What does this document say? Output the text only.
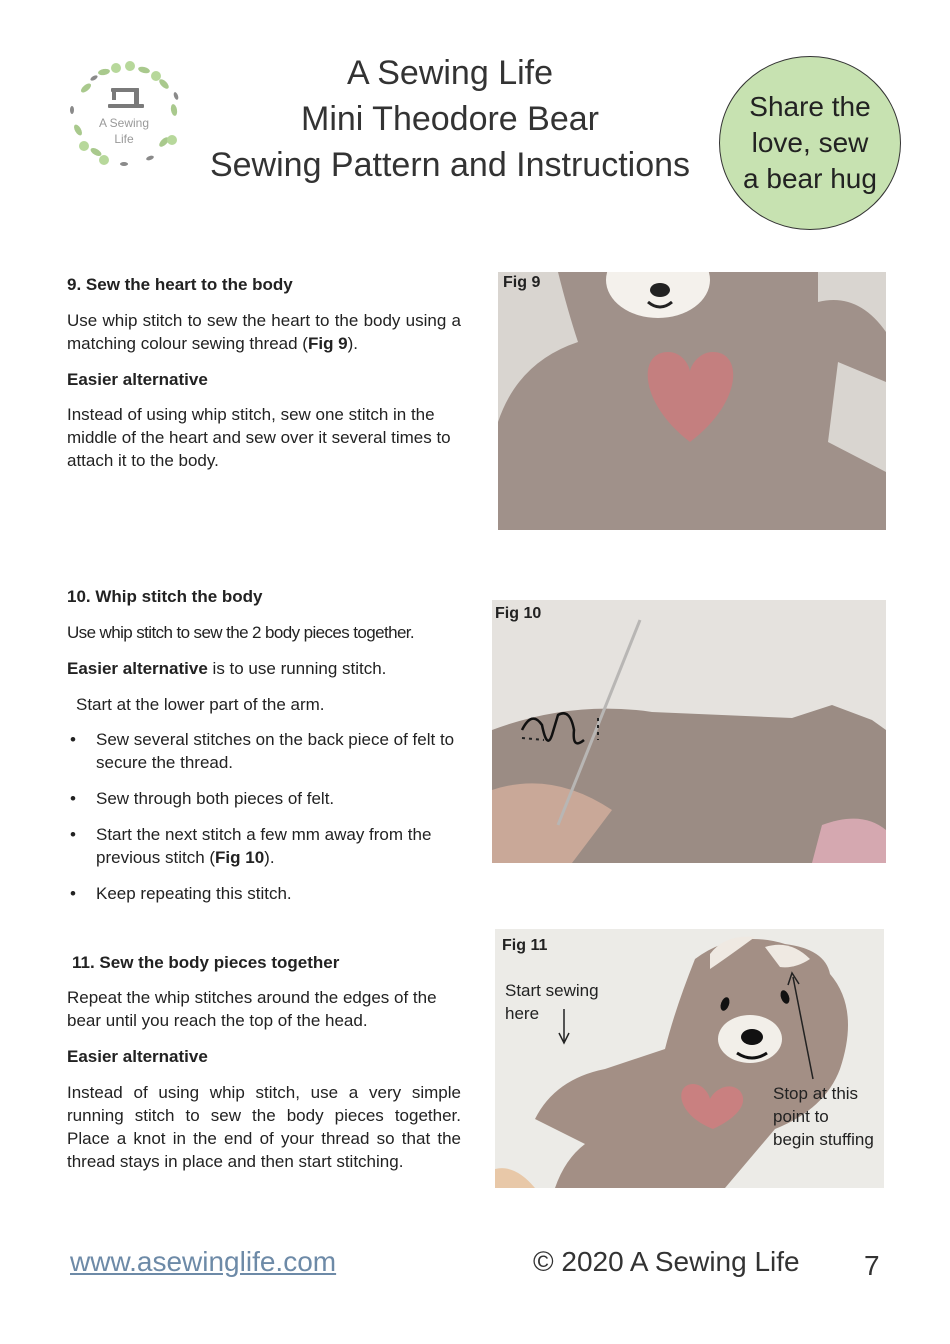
A Sewing
Life
A Sewing Life
Mini Theodore Bear
Sewing Pattern and Instructions
Share the
love, sew
a bear hug
9. Sew the heart to the body
Use whip stitch to sew the heart to the body using a matching colour sewing thread (Fig 9).
Easier alternative
Instead of using whip stitch, sew one stitch in the middle of the heart and sew over it several times to attach it to the body.
Fig 9
10. Whip stitch the body
Use whip stitch to sew the 2 body pieces together.
Easier alternative is to use running stitch.
Start at the lower part of the arm.
• Sew several stitches on the back piece of felt to secure the thread.
• Sew through both pieces of felt.
• Start the next stitch a few mm away from the previous stitch (Fig 10).
• Keep repeating this stitch.
Fig 10
11. Sew the body pieces together
Repeat the whip stitches around the edges of the bear until you reach the top of the head.
Easier alternative
Instead of using whip stitch, use a very simple running stitch to sew the body pieces together. Place a knot in the end of your thread so that the thread stays in place and then start stitching.
Fig 11
Start sewing
here
Stop at this
point to
begin stuffing
www.asewinglife.com	© 2020 A Sewing Life 7
